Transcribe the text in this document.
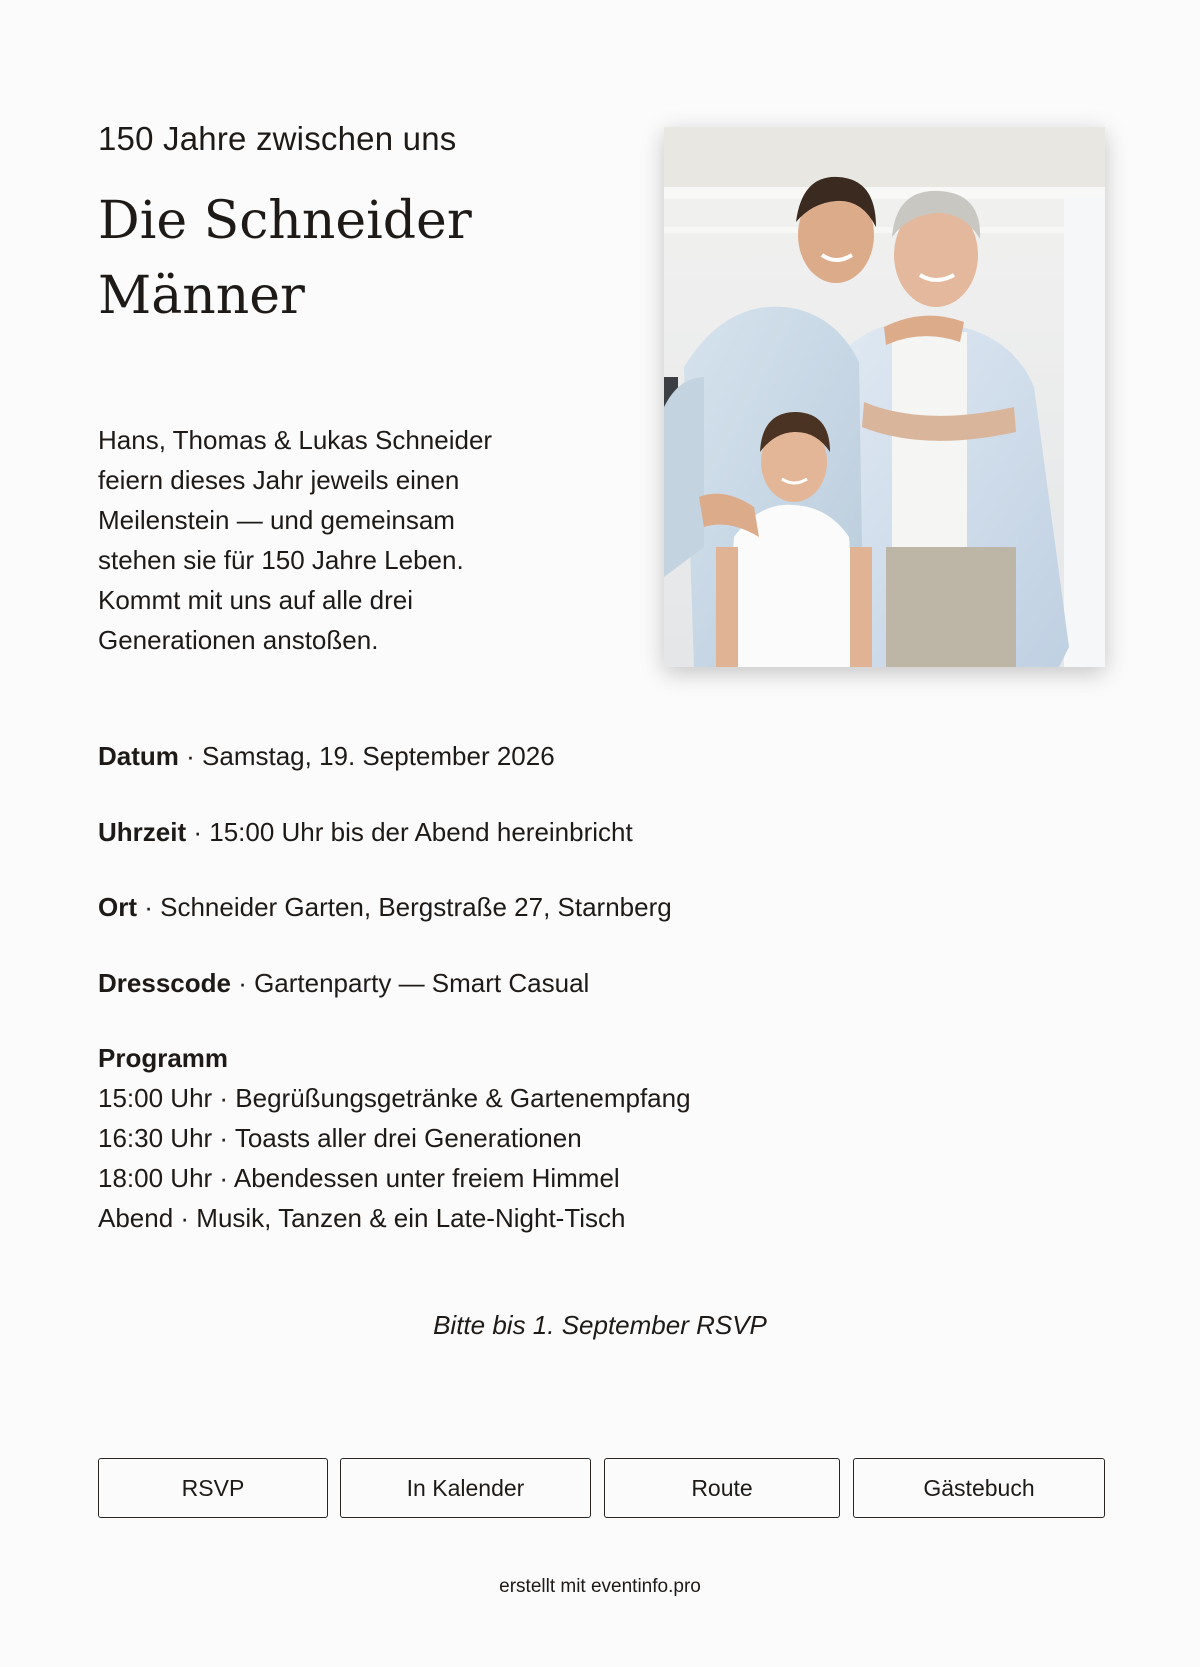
150 Jahre zwischen uns
Die Schneider
Männer
Hans, Thomas & Lukas Schneider
feiern dieses Jahr jeweils einen
Meilenstein — und gemeinsam
stehen sie für 150 Jahre Leben.
Kommt mit uns auf alle drei
Generationen anstoßen.
Datum · Samstag, 19. September 2026
Uhrzeit · 15:00 Uhr bis der Abend hereinbricht
Ort · Schneider Garten, Bergstraße 27, Starnberg
Dresscode · Gartenparty — Smart Casual
Programm
15:00 Uhr · Begrüßungsgetränke & Gartenempfang
16:30 Uhr · Toasts aller drei Generationen
18:00 Uhr · Abendessen unter freiem Himmel
Abend · Musik, Tanzen & ein Late-Night-Tisch
Bitte bis 1. September RSVP
RSVP	In Kalender	Route	Gästebuch
erstellt mit eventinfo.pro
